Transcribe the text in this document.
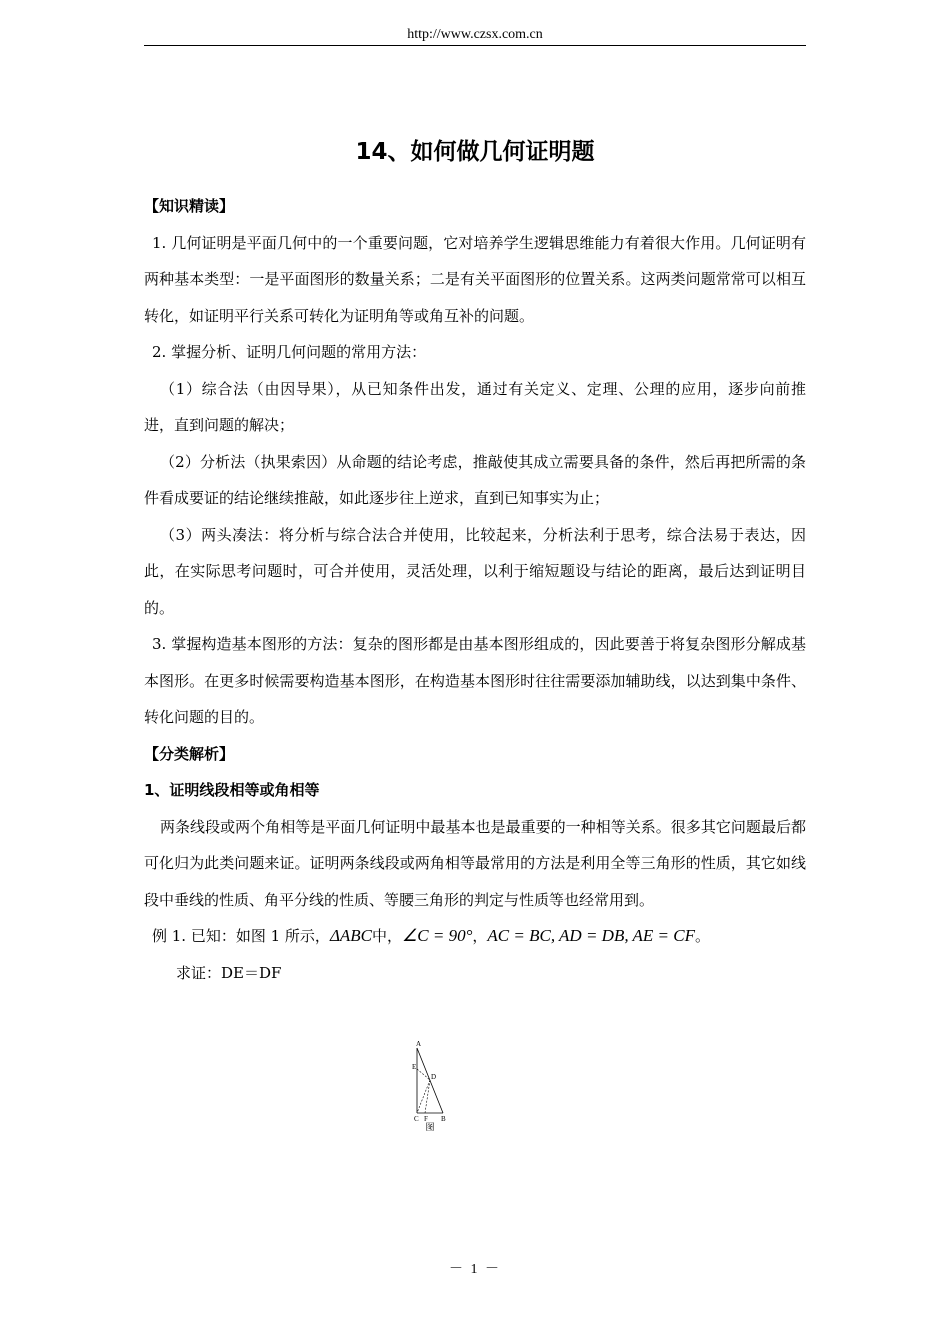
http://www.czsx.com.cn
14、如何做几何证明题

【知识精读】

1. 几何证明是平面几何中的一个重要问题，它对培养学生逻辑思维能力有着很大作用。几何证明有两种基本类型：一是平面图形的数量关系；二是有关平面图形的位置关系。这两类问题常常可以相互转化，如证明平行关系可转化为证明角等或角互补的问题。

2. 掌握分析、证明几何问题的常用方法：

（1）综合法（由因导果），从已知条件出发，通过有关定义、定理、公理的应用，逐步向前推进，直到问题的解决；

（2）分析法（执果索因）从命题的结论考虑，推敲使其成立需要具备的条件，然后再把所需的条件看成要证的结论继续推敲，如此逐步往上逆求，直到已知事实为止；

（3）两头凑法：将分析与综合法合并使用，比较起来，分析法利于思考，综合法易于表达，因此，在实际思考问题时，可合并使用，灵活处理，以利于缩短题设与结论的距离，最后达到证明目的。

3. 掌握构造基本图形的方法：复杂的图形都是由基本图形组成的，因此要善于将复杂图形分解成基本图形。在更多时候需要构造基本图形，在构造基本图形时往往需要添加辅助线，以达到集中条件、转化问题的目的。

【分类解析】

1、证明线段相等或角相等

两条线段或两个角相等是平面几何证明中最基本也是最重要的一种相等关系。很多其它问题最后都可化归为此类问题来证。证明两条线段或两角相等最常用的方法是利用全等三角形的性质，其它如线段中垂线的性质、角平分线的性质、等腰三角形的判定与性质等也经常用到。

例 1. 已知：如图 1 所示，ΔABC中，∠C = 90°，AC = BC, AD = DB, AE = CF。

求证：DE＝DF

A
E
D
C F B
图
－ 1 －
